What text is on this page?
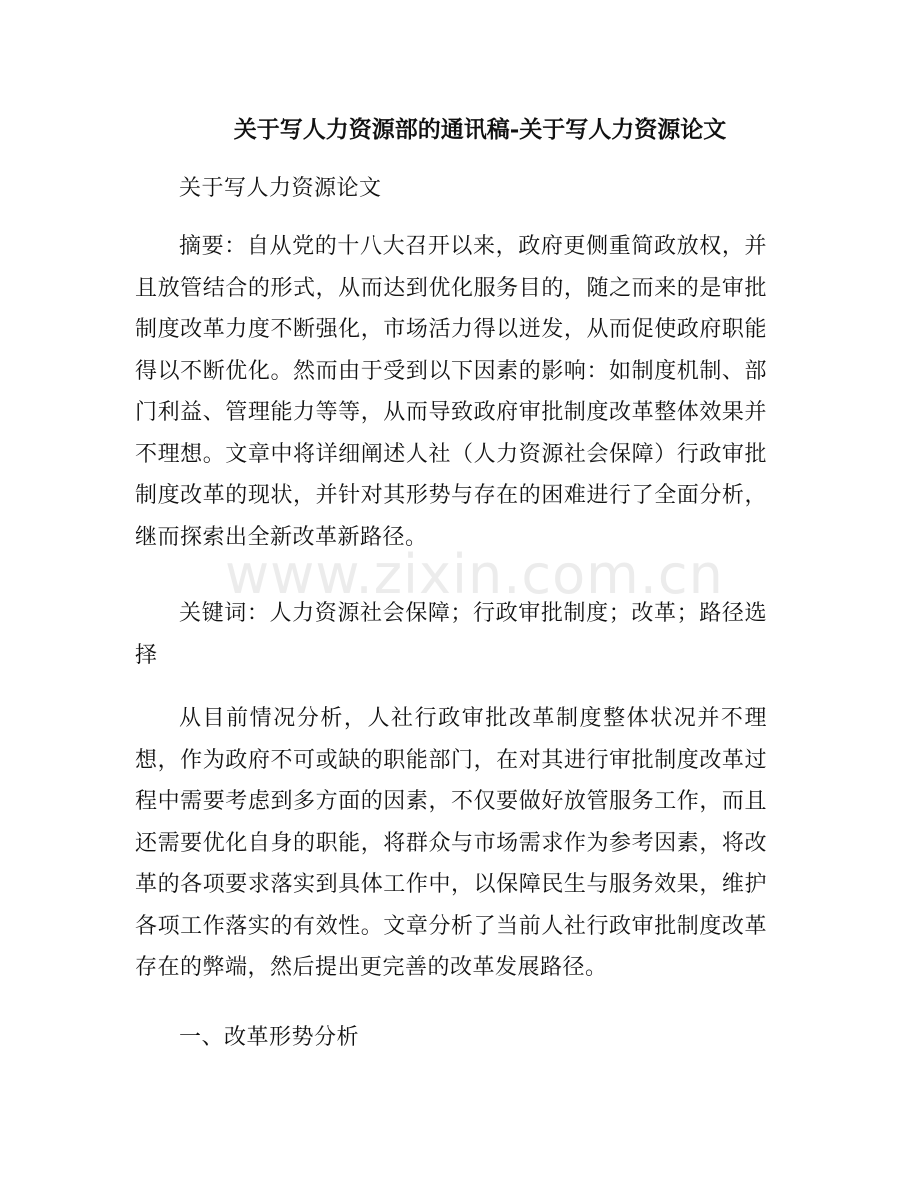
关于写人力资源部的通讯稿-关于写人力资源论文

关于写人力资源论文

摘要：自从党的十八大召开以来，政府更侧重简政放权，并且放管结合的形式，从而达到优化服务目的，随之而来的是审批制度改革力度不断强化，市场活力得以迸发，从而促使政府职能得以不断优化。然而由于受到以下因素的影响：如制度机制、部门利益、管理能力等等，从而导致政府审批制度改革整体效果并不理想。文章中将详细阐述人社（人力资源社会保障）行政审批制度改革的现状，并针对其形势与存在的困难进行了全面分析，继而探索出全新改革新路径。

关键词：人力资源社会保障；行政审批制度；改革；路径选择

从目前情况分析，人社行政审批改革制度整体状况并不理想，作为政府不可或缺的职能部门，在对其进行审批制度改革过程中需要考虑到多方面的因素，不仅要做好放管服务工作，而且还需要优化自身的职能，将群众与市场需求作为参考因素，将改革的各项要求落实到具体工作中，以保障民生与服务效果，维护各项工作落实的有效性。文章分析了当前人社行政审批制度改革存在的弊端，然后提出更完善的改革发展路径。

一、改革形势分析

www.zixin.com.cn
